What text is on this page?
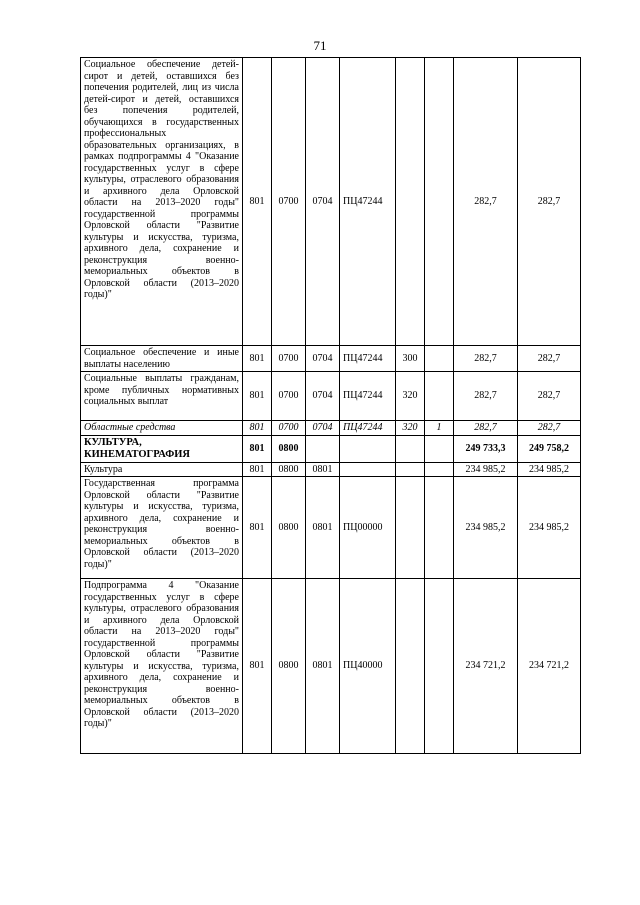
71
Социальное обеспечение детей-сирот и детей, оставшихся без попечения родителей, лиц из числа детей-сирот и детей, оставшихся без попечения родителей, обучающихся в государственных профессиональных образовательных организациях, в рамках подпрограммы 4 "Оказание государственных услуг в сфере культуры, отраслевого образования и архивного дела Орловской области на 2013–2020 годы" государственной программы Орловской области "Развитие культуры и искусства, туризма, архивного дела, сохранение и реконструкция военно-мемориальных объектов в Орловской области (2013–2020 годы)"	801	0700	0704	ПЦ47244			282,7	282,7
Социальное обеспечение и иные выплаты населению	801	0700	0704	ПЦ47244	300		282,7	282,7
Социальные выплаты гражданам, кроме публичных нормативных социальных выплат	801	0700	0704	ПЦ47244	320		282,7	282,7
Областные средства	801	0700	0704	ПЦ47244	320	1	282,7	282,7
КУЛЬТУРА, КИНЕМАТОГРАФИЯ	801	0800					249 733,3	249 758,2
Культура	801	0800	0801				234 985,2	234 985,2
Государственная программа Орловской области "Развитие культуры и искусства, туризма, архивного дела, сохранение и реконструкция военно-мемориальных объектов в Орловской области (2013–2020 годы)"	801	0800	0801	ПЦ00000			234 985,2	234 985,2
Подпрограмма 4 "Оказание государственных услуг в сфере культуры, отраслевого образования и архивного дела Орловской области на 2013–2020 годы" государственной программы Орловской области "Развитие культуры и искусства, туризма, архивного дела, сохранение и реконструкция военно-мемориальных объектов в Орловской области (2013–2020 годы)"	801	0800	0801	ПЦ40000			234 721,2	234 721,2
